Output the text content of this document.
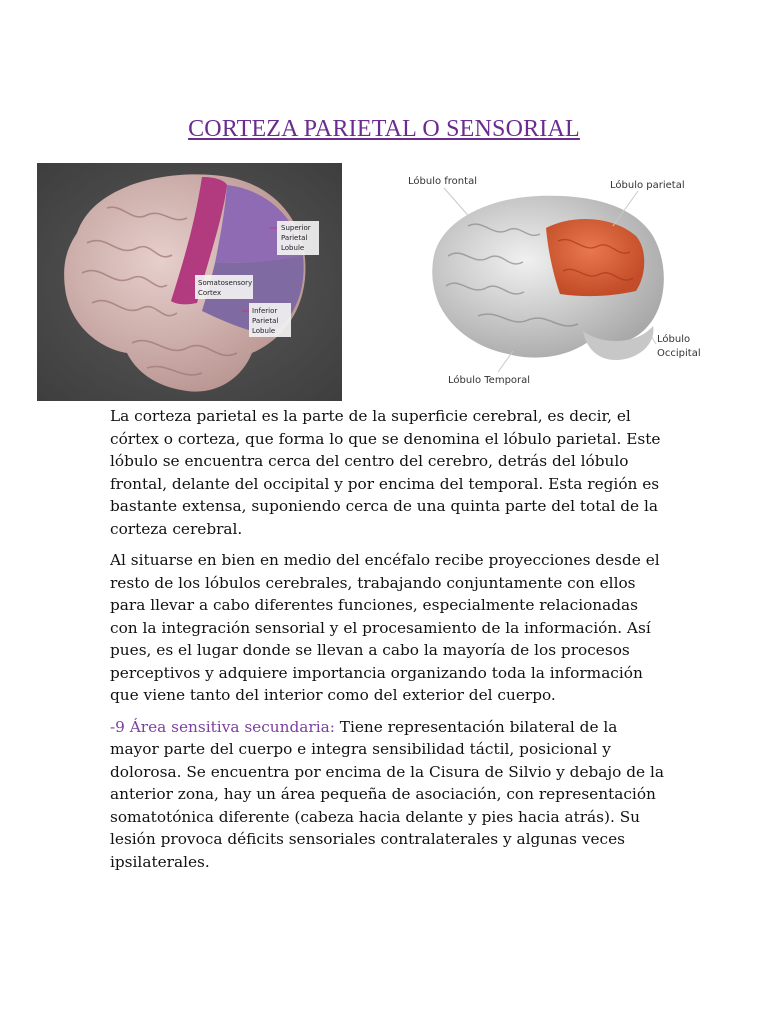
CORTEZA PARIETAL O SENSORIAL
Superior
Parietal
Lobule
Somatosensory
Cortex
Inferior
Parietal
Lobule
Lóbulo frontal	Lóbulo parietal
Lóbulo
Occipital
Lóbulo Temporal

La corteza parietal es la parte de la superficie cerebral, es decir, el córtex o corteza, que forma lo que se denomina el lóbulo parietal. Este lóbulo se encuentra cerca del centro del cerebro, detrás del lóbulo frontal, delante del occipital y por encima del temporal. Esta región es bastante extensa, suponiendo cerca de una quinta parte del total de la corteza cerebral.

Al situarse en bien en medio del encéfalo recibe proyecciones desde el resto de los lóbulos cerebrales, trabajando conjuntamente con ellos para llevar a cabo diferentes funciones, especialmente relacionadas con la integración sensorial y el procesamiento de la información. Así pues, es el lugar donde se llevan a cabo la mayoría de los procesos perceptivos y adquiere importancia organizando toda la información que viene tanto del interior como del exterior del cuerpo.

-9 Área sensitiva secundaria: Tiene representación bilateral de la mayor parte del cuerpo e integra sensibilidad táctil, posicional y dolorosa. Se encuentra por encima de la Cisura de Silvio y debajo de la anterior zona, hay un área pequeña de asociación, con representación somatotónica diferente (cabeza hacia delante y pies hacia atrás). Su lesión provoca déficits sensoriales contralaterales y algunas veces ipsilaterales.
